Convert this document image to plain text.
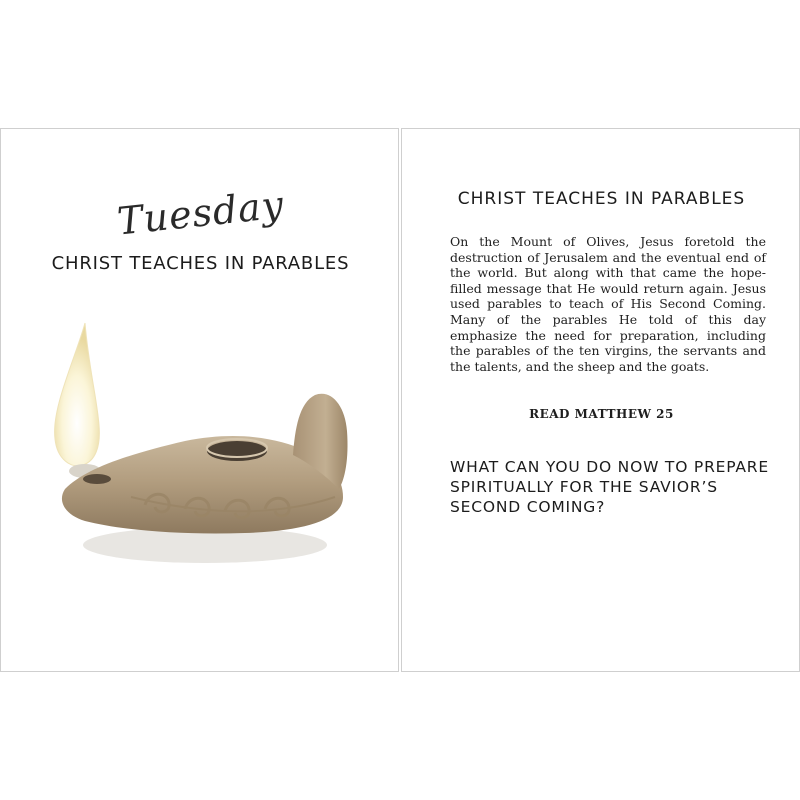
Tuesday
CHRIST TEACHES IN PARABLES
CHRIST TEACHES IN PARABLES
On the Mount of Olives, Jesus foretold the destruction of Jerusalem and the eventual end of the world. But along with that came the hope-filled message that He would return again. Jesus used parables to teach of His Second Coming. Many of the parables He told of this day emphasize the need for preparation, including the parables of the ten virgins, the servants and the talents, and the sheep and the goats.
READ MATTHEW 25
WHAT CAN YOU DO NOW TO PREPARE SPIRITUALLY FOR THE SAVIOR’S SECOND COMING?
